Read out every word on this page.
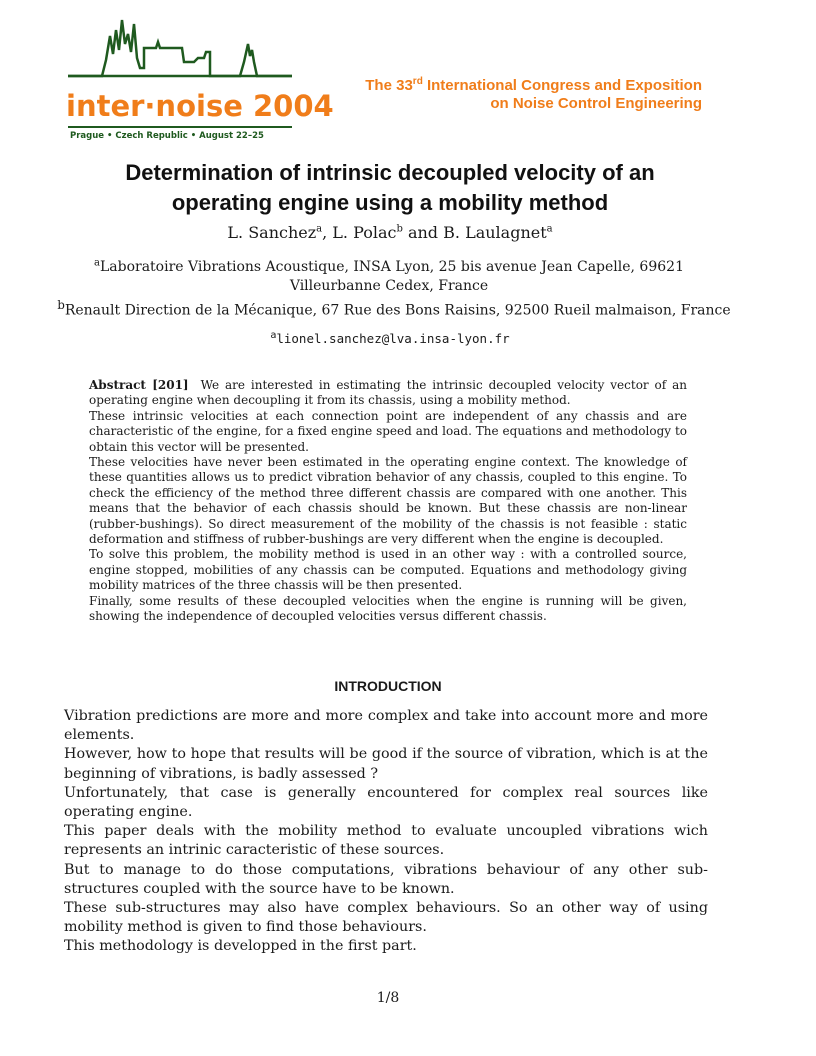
inter·noise 2004
Prague • Czech Republic • August 22–25
The 33rd International Congress and Exposition
on Noise Control Engineering
Determination of intrinsic decoupled velocity of an
operating engine using a mobility method
L. Sanchez$^a$, L. Polac$^b$ and B. Laulagnet$^a$
$^a$Laboratoire Vibrations Acoustique, INSA Lyon, 25 bis avenue Jean Capelle, 69621
Villeurbanne Cedex, France
$^b$Renault Direction de la Mécanique, 67 Rue des Bons Raisins, 92500 Rueil malmaison, France
$^a$lionel.sanchez@lva.insa-lyon.fr

Abstract [201] We are interested in estimating the intrinsic decoupled velocity vector of an operating engine when decoupling it from its chassis, using a mobility method.

These intrinsic velocities at each connection point are independent of any chassis and are characteristic of the engine, for a fixed engine speed and load. The equations and methodology to obtain this vector will be presented.

These velocities have never been estimated in the operating engine context. The knowledge of these quantities allows us to predict vibration behavior of any chassis, coupled to this engine. To check the efficiency of the method three different chassis are compared with one another. This means that the behavior of each chassis should be known. But these chassis are non-linear (rubber-bushings). So direct measurement of the mobility of the chassis is not feasible : static deformation and stiffness of rubber-bushings are very different when the engine is decoupled.

To solve this problem, the mobility method is used in an other way : with a controlled source, engine stopped, mobilities of any chassis can be computed. Equations and methodology giving mobility matrices of the three chassis will be then presented.

Finally, some results of these decoupled velocities when the engine is running will be given, showing the independence of decoupled velocities versus different chassis.

INTRODUCTION

Vibration predictions are more and more complex and take into account more and more elements.

However, how to hope that results will be good if the source of vibration, which is at the beginning of vibrations, is badly assessed ?

Unfortunately, that case is generally encountered for complex real sources like operating engine.

This paper deals with the mobility method to evaluate uncoupled vibrations wich represents an intrinic caracteristic of these sources.

But to manage to do those computations, vibrations behaviour of any other sub-structures coupled with the source have to be known.

These sub-structures may also have complex behaviours. So an other way of using mobility method is given to find those behaviours.

This methodology is developped in the first part.

1/8
